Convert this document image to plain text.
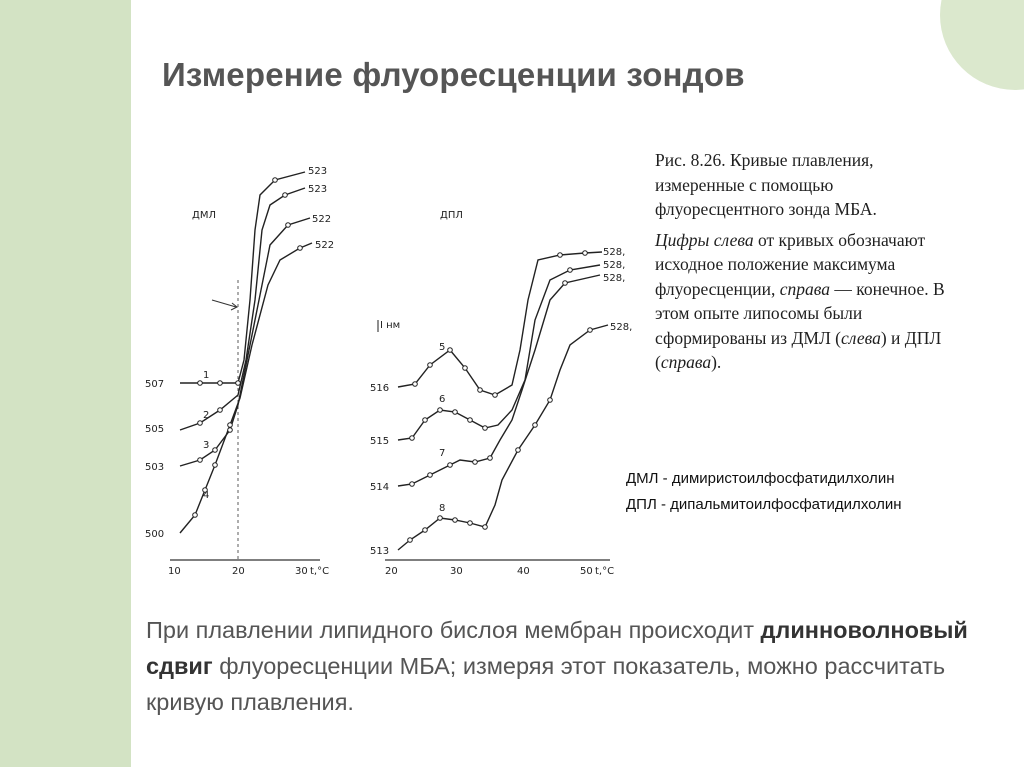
Измерение флуоресценции зондов
ДМЛ
507
505
503
500
1
2
3
4
523
523
522
522
10	20	30 t,°C
ДПЛ
I нм
516
515
514
513
5
6
7
8
528,
528,
528,
528,
20	30	40	50 t,°C

Рис. 8.26. Кривые плавления, измеренные с помощью флуоресцентного зонда МБА.

Цифры слева от кривых обозначают исходное положение максимума флуоресценции, справа — конечное. В этом опыте липосомы были сформированы из ДМЛ (слева) и ДПЛ (справа).

ДМЛ - димиристоилфосфатидилхолин
ДПЛ - дипальмитоилфосфатидилхолин
При плавлении липидного бислоя мембран происходит длинноволновый сдвиг флуоресценции МБА; измеряя этот показатель, можно рассчитать кривую плавления.
